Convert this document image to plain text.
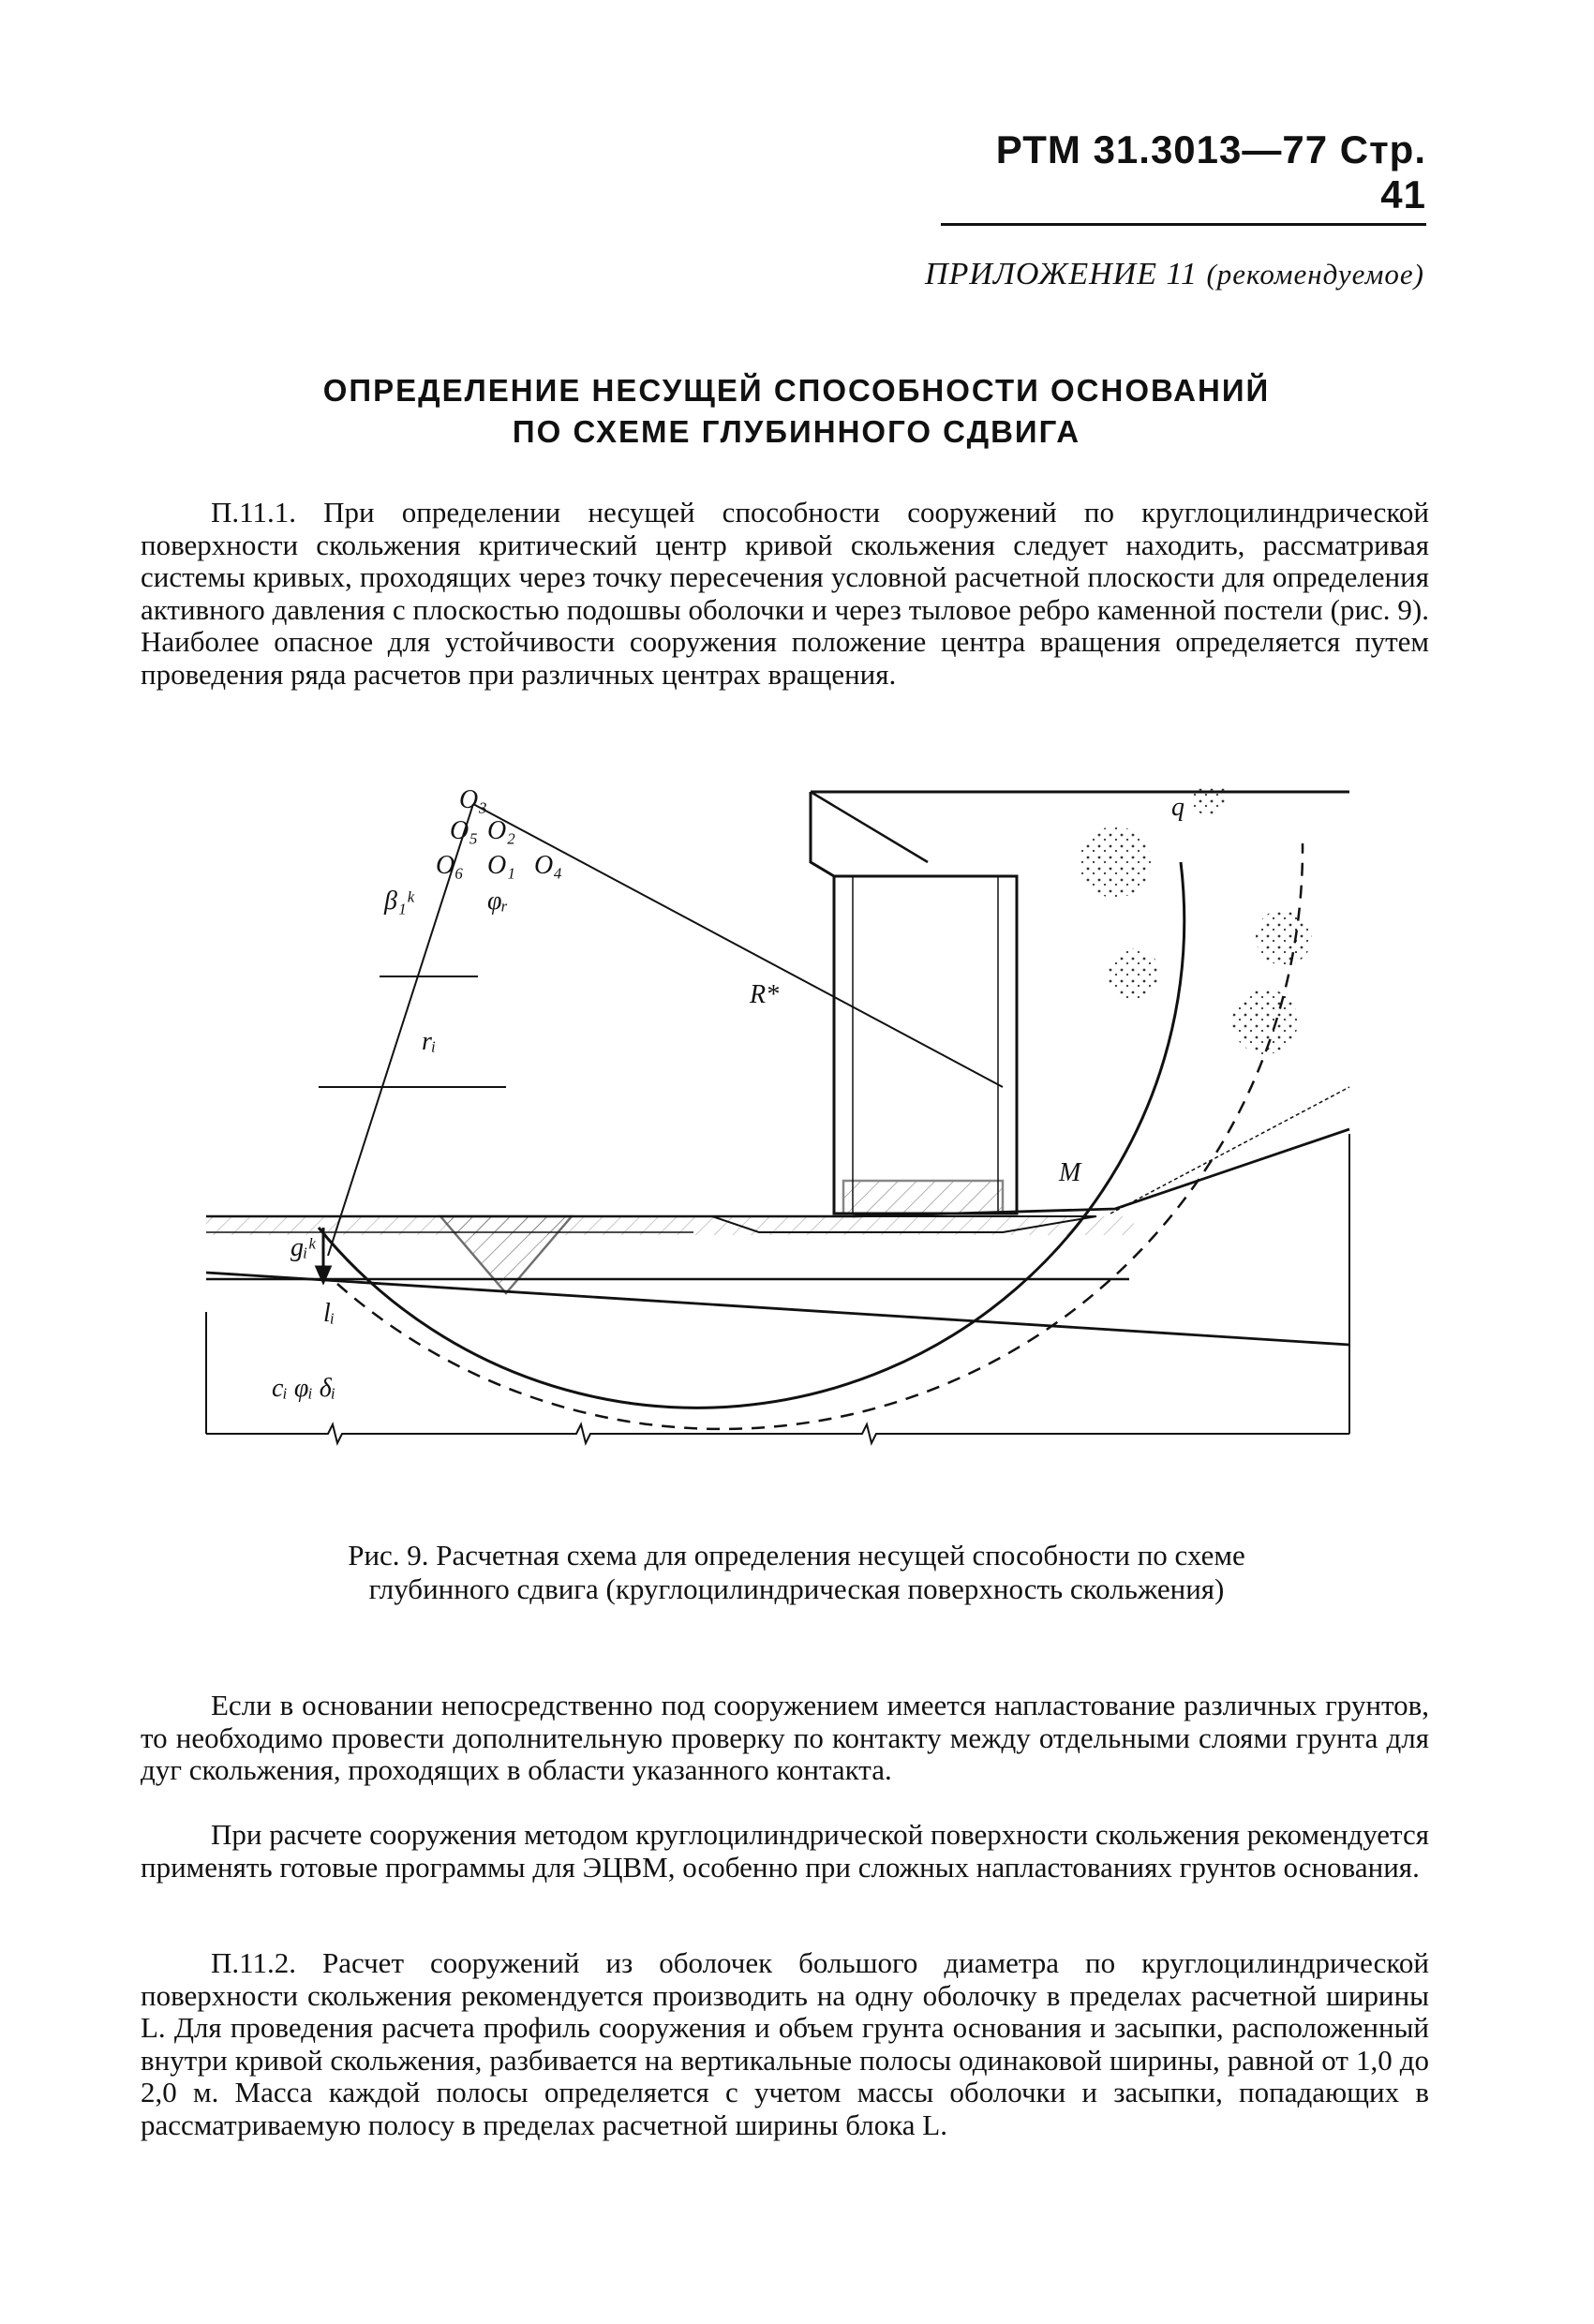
РТМ 31.3013—77 Стр. 41
ПРИЛОЖЕНИЕ 11 (рекомендуемое)
ОПРЕДЕЛЕНИЕ НЕСУЩЕЙ СПОСОБНОСТИ ОСНОВАНИЙ
ПО СХЕМЕ ГЛУБИННОГО СДВИГА

П.11.1. При определении несущей способности сооружений по круглоцилиндрической поверхности скольжения критический центр кривой скольжения следует находить, рассматривая системы кривых, проходящих через точку пересечения условной расчетной плоскости для определения активного давления с плоскостью подошвы оболочки и через тыловое ребро каменной постели (рис. 9). Наиболее опасное для устойчивости сооружения положение центра вращения определяется путем проведения ряда расчетов при различных центрах вращения.

O₃
O₅ O₂
O₆ O₁ O₄
q
β₁ᵏ	φᵣ
R*
rᵢ
M
gᵢᵏ
lᵢ
cᵢ φᵢ δᵢ
Рис. 9. Расчетная схема для определения несущей способности по схеме
глубинного сдвига (круглоцилиндрическая поверхность скольжения)

Если в основании непосредственно под сооружением имеется напластование различных грунтов, то необходимо провести дополнительную проверку по контакту между отдельными слоями грунта для дуг скольжения, проходящих в области указанного контакта.

При расчете сооружения методом круглоцилиндрической поверхности скольжения рекомендуется применять готовые программы для ЭЦВМ, особенно при сложных напластованиях грунтов основания.

П.11.2. Расчет сооружений из оболочек большого диаметра по круглоцилиндрической поверхности скольжения рекомендуется производить на одну оболочку в пределах расчетной ширины L. Для проведения расчета профиль сооружения и объем грунта основания и засыпки, расположенный внутри кривой скольжения, разбивается на вертикальные полосы одинаковой ширины, равной от 1,0 до 2,0 м. Масса каждой полосы определяется с учетом массы оболочки и засыпки, попадающих в рассматриваемую полосу в пределах расчетной ширины блока L.
